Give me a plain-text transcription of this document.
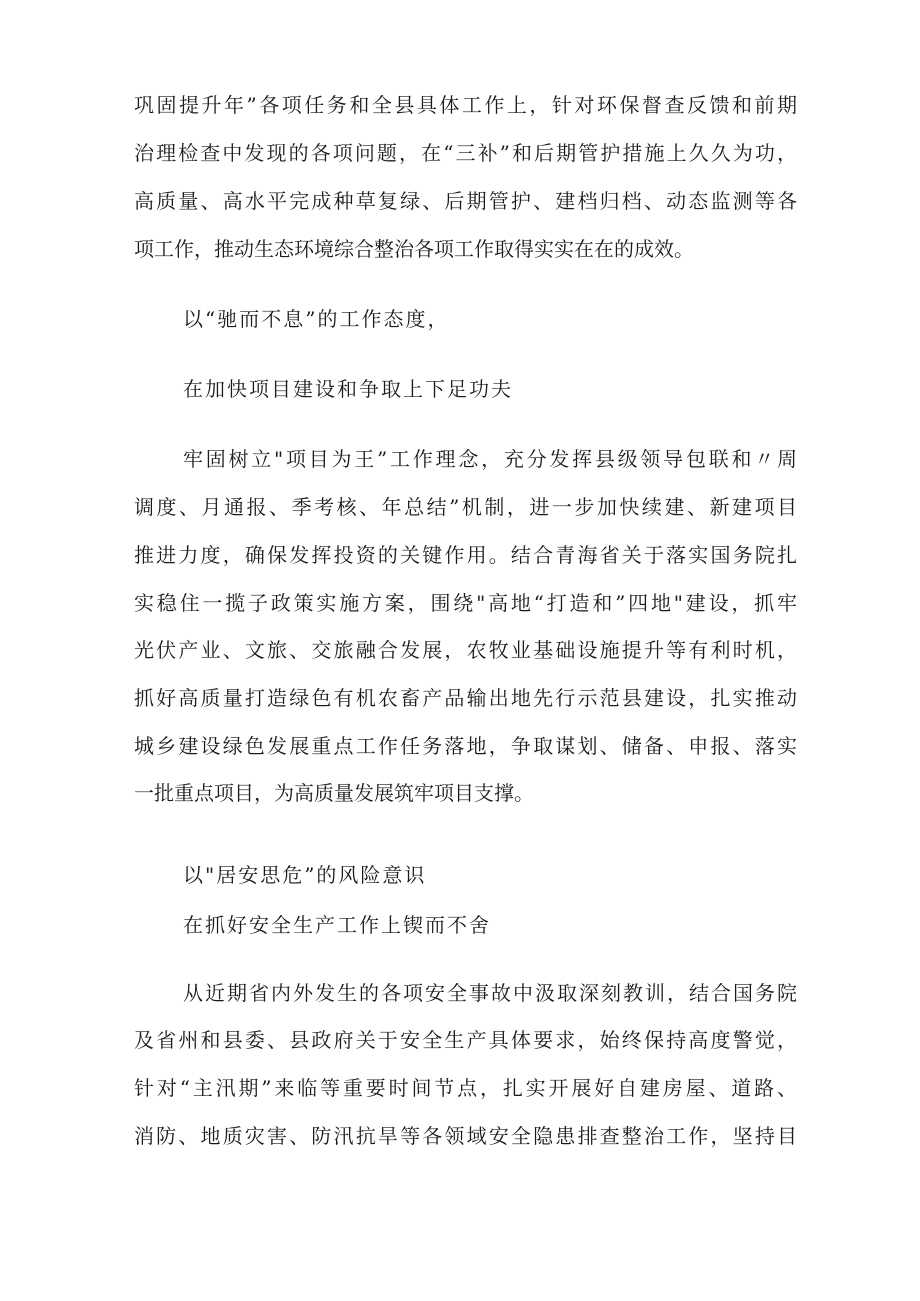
巩固提升年”各项任务和全县具体工作上，针对环保督查反馈和前期
治理检查中发现的各项问题，在“三补”和后期管护措施上久久为功，
高质量、高水平完成种草复绿、后期管护、建档归档、动态监测等各
项工作，推动生态环境综合整治各项工作取得实实在在的成效。
以“驰而不息”的工作态度，
在加快项目建设和争取上下足功夫
牢固树立"项目为王”工作理念，充分发挥县级领导包联和〃周
调度、月通报、季考核、年总结”机制，进一步加快续建、新建项目
推进力度，确保发挥投资的关键作用。结合青海省关于落实国务院扎
实稳住一揽子政策实施方案，围绕"高地“打造和”四地"建设，抓牢
光伏产业、文旅、交旅融合发展，农牧业基础设施提升等有利时机，
抓好高质量打造绿色有机农畜产品输出地先行示范县建设，扎实推动
城乡建设绿色发展重点工作任务落地，争取谋划、储备、申报、落实
一批重点项目，为高质量发展筑牢项目支撑。
以"居安思危”的风险意识
在抓好安全生产工作上锲而不舍
从近期省内外发生的各项安全事故中汲取深刻教训，结合国务院
及省州和县委、县政府关于安全生产具体要求，始终保持高度警觉，
针对“主汛期”来临等重要时间节点，扎实开展好自建房屋、道路、
消防、地质灾害、防汛抗旱等各领域安全隐患排查整治工作，坚持目
